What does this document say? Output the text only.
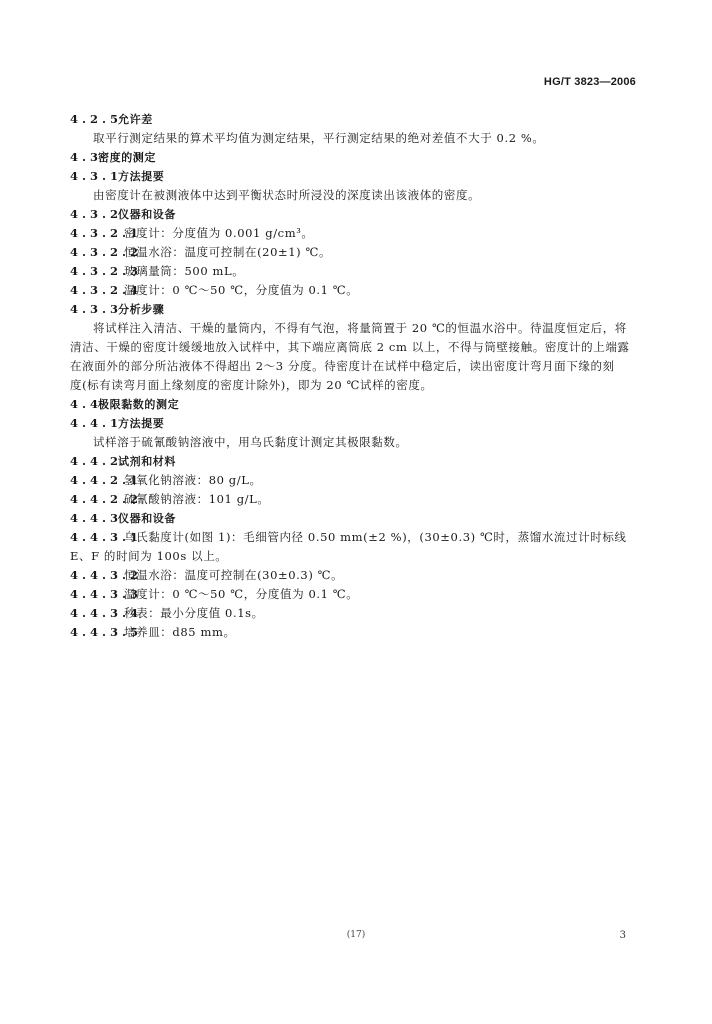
HG/T 3823—2006
4.2.5允许差
取平行测定结果的算术平均值为测定结果，平行测定结果的绝对差值不大于 0.2 %。
4.3密度的测定
4.3.1方法提要
由密度计在被测液体中达到平衡状态时所浸没的深度读出该液体的密度。
4.3.2仪器和设备
4.3.2.1密度计：分度值为 0.001 g/cm³。
4.3.2.2恒温水浴：温度可控制在(20±1) ℃。
4.3.2.3玻璃量筒：500 mL。
4.3.2.4温度计：0 ℃～50 ℃，分度值为 0.1 ℃。
4.3.3分析步骤
将试样注入清洁、干燥的量筒内，不得有气泡，将量筒置于 20 ℃的恒温水浴中。待温度恒定后，将
清洁、干燥的密度计缓缓地放入试样中，其下端应离筒底 2 cm 以上，不得与筒壁接触。密度计的上端露
在液面外的部分所沾液体不得超出 2～3 分度。待密度计在试样中稳定后，读出密度计弯月面下缘的刻
度(标有读弯月面上缘刻度的密度计除外)，即为 20 ℃试样的密度。
4.4极限黏数的测定
4.4.1方法提要
试样溶于硫氰酸钠溶液中，用乌氏黏度计测定其极限黏数。
4.4.2试剂和材料
4.4.2.1氢氧化钠溶液：80 g/L。
4.4.2.2硫氰酸钠溶液：101 g/L。
4.4.3仪器和设备
4.4.3.1乌氏黏度计(如图 1)：毛细管内径 0.50 mm(±2 %)，(30±0.3) ℃时，蒸馏水流过计时标线
E、F 的时间为 100s 以上。
4.4.3.2恒温水浴：温度可控制在(30±0.3) ℃。
4.4.3.3温度计：0 ℃～50 ℃，分度值为 0.1 ℃。
4.4.3.4秒表：最小分度值 0.1s。
4.4.3.5培养皿：d85 mm。
(17)	3
